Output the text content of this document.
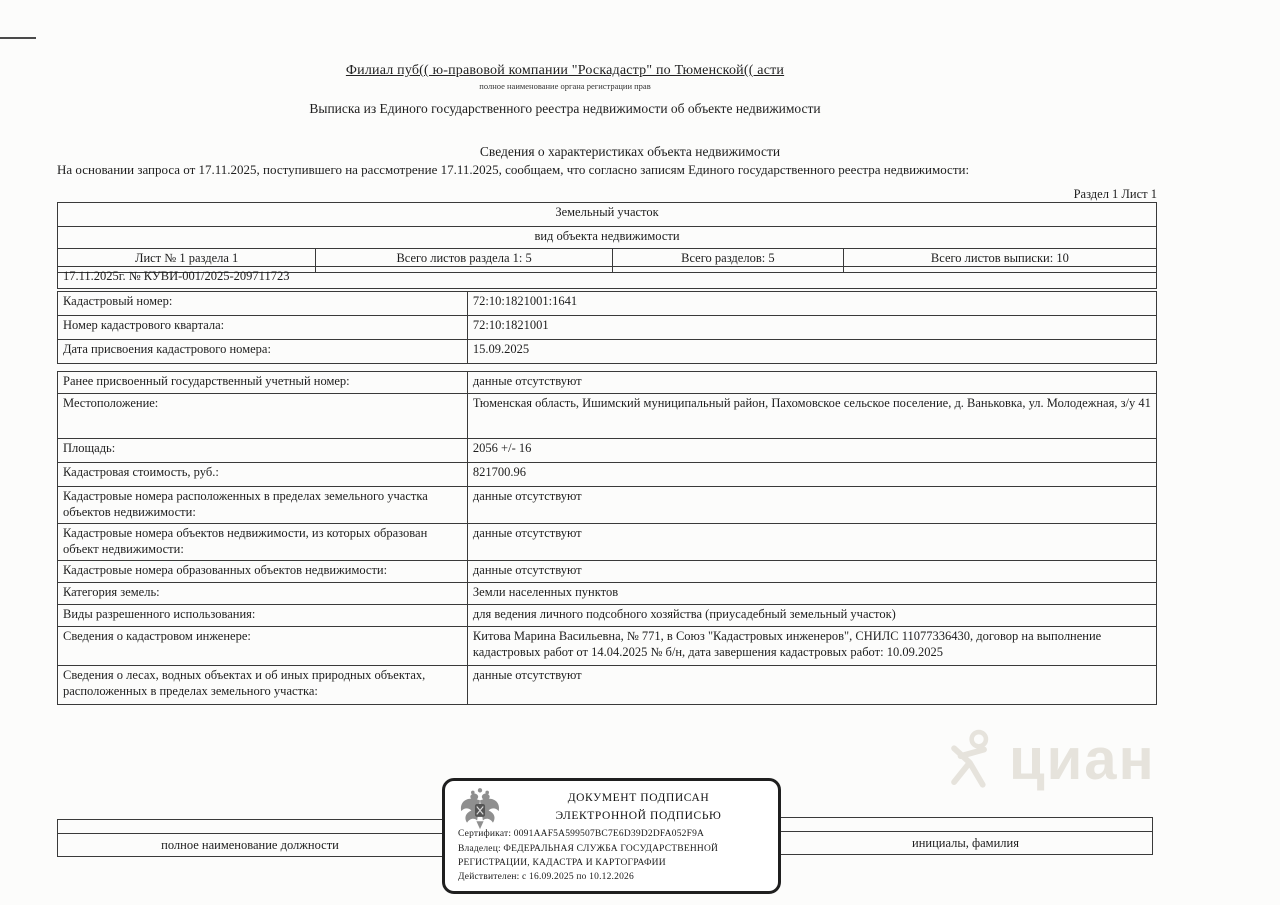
Филиал пуб(( ю-правовой компании "Роскадастр" по Тюменской(( асти
полное наименование органа регистрации прав
Выписка из Единого государственного реестра недвижимости об объекте недвижимости
Сведения о характеристиках объекта недвижимости
На основании запроса от 17.11.2025, поступившего на рассмотрение 17.11.2025, сообщаем, что согласно записям Единого государственного реестра недвижимости:
Раздел 1 Лист 1
Земельный участок
вид объекта недвижимости
Лист № 1 раздела 1	Всего листов раздела 1: 5	Всего разделов: 5	Всего листов выписки: 10
17.11.2025г. № КУВИ-001/2025-209711723
Кадастровый номер:	72:10:1821001:1641
Номер кадастрового квартала:	72:10:1821001
Дата присвоения кадастрового номера:	15.09.2025
Ранее присвоенный государственный учетный номер:	данные отсутствуют
Местоположение:	Тюменская область, Ишимский муниципальный район, Пахомовское сельское поселение, д. Ваньковка, ул. Молодежная, з/у 41
Площадь:	2056 +/- 16
Кадастровая стоимость, руб.:	821700.96
Кадастровые номера расположенных в пределах земельного участка объектов недвижимости:	данные отсутствуют
Кадастровые номера объектов недвижимости, из которых образован объект недвижимости:	данные отсутствуют
Кадастровые номера образованных объектов недвижимости:	данные отсутствуют
Категория земель:	Земли населенных пунктов
Виды разрешенного использования:	для ведения личного подсобного хозяйства (приусадебный земельный участок)
Сведения о кадастровом инженере:	Китова Марина Васильевна, № 771, в Союз "Кадастровых инженеров", СНИЛС 11077336430, договор на выполнение кадастровых работ от 14.04.2025 № б/н, дата завершения кадастровых работ: 10.09.2025
Сведения о лесах, водных объектах и об иных природных объектах, расположенных в пределах земельного участка:	данные отсутствуют
циан

полное наименование должности	инициалы, фамилия
ДОКУМЕНТ ПОДПИСАН
ЭЛЕКТРОННОЙ ПОДПИСЬЮ
Сертификат: 0091AAF5A599507BC7E6D39D2DFA052F9A
Владелец: ФЕДЕРАЛЬНАЯ СЛУЖБА ГОСУДАРСТВЕННОЙ
РЕГИСТРАЦИИ, КАДАСТРА И КАРТОГРАФИИ
Действителен: с 16.09.2025 по 10.12.2026
